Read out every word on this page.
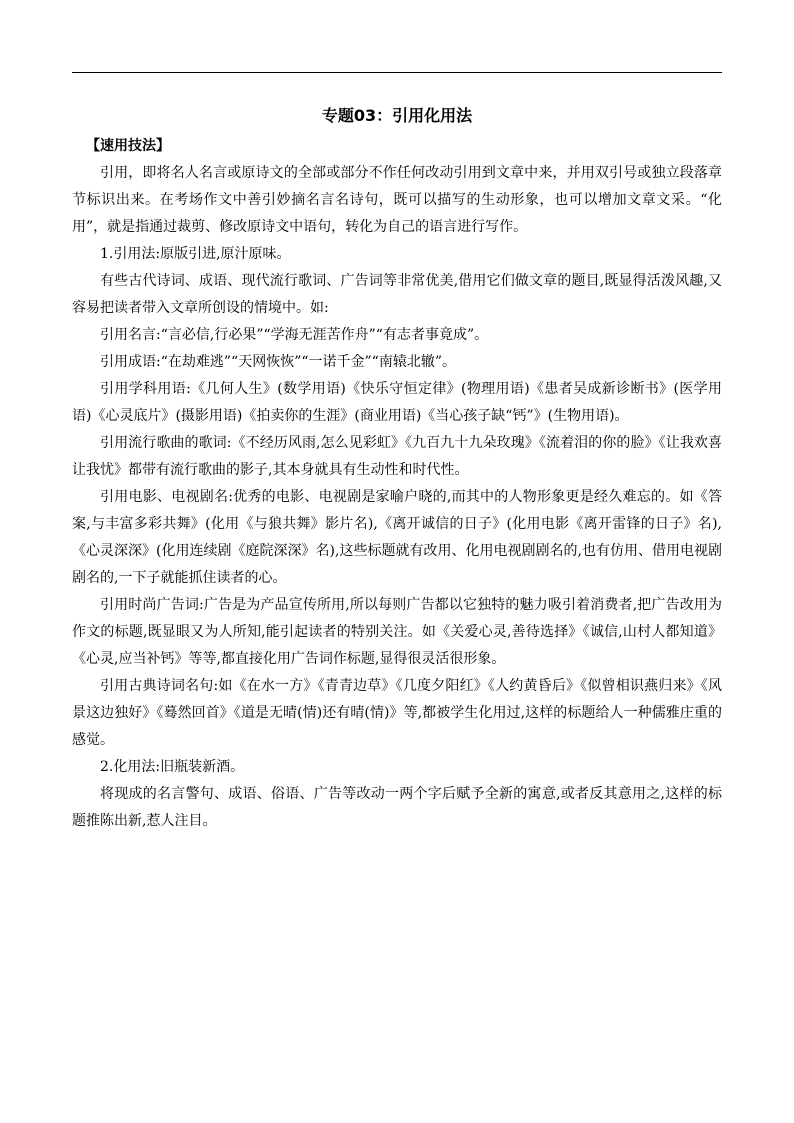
专题03：引用化用法
【速用技法】

引用，即将名人名言或原诗文的全部或部分不作任何改动引用到文章中来，并用双引号或独立段落章节标识出来。在考场作文中善引妙摘名言名诗句，既可以描写的生动形象，也可以增加文章文采。“化用”，就是指通过裁剪、修改原诗文中语句，转化为自己的语言进行写作。

1.引用法:原版引进,原汁原味。

有些古代诗词、成语、现代流行歌词、广告词等非常优美,借用它们做文章的题目,既显得活泼风趣,又容易把读者带入文章所创设的情境中。如:

引用名言:“言必信,行必果”“学海无涯苦作舟”“有志者事竟成”。

引用成语:“在劫难逃”“天网恢恢”“一诺千金”“南辕北辙”。

引用学科用语:《几何人生》(数学用语)《快乐守恒定律》(物理用语)《患者吴成新诊断书》(医学用语)《心灵底片》(摄影用语)《拍卖你的生涯》(商业用语)《当心孩子缺“钙”》(生物用语)。

引用流行歌曲的歌词:《不经历风雨,怎么见彩虹》《九百九十九朵玫瑰》《流着泪的你的脸》《让我欢喜让我忧》都带有流行歌曲的影子,其本身就具有生动性和时代性。

引用电影、电视剧名:优秀的电影、电视剧是家喻户晓的,而其中的人物形象更是经久难忘的。如《答案,与丰富多彩共舞》(化用《与狼共舞》影片名),《离开诚信的日子》(化用电影《离开雷锋的日子》名),《心灵深深》(化用连续剧《庭院深深》名),这些标题就有改用、化用电视剧剧名的,也有仿用、借用电视剧剧名的,一下子就能抓住读者的心。

引用时尚广告词:广告是为产品宣传所用,所以每则广告都以它独特的魅力吸引着消费者,把广告改用为作文的标题,既显眼又为人所知,能引起读者的特别关注。如《关爱心灵,善待选择》《诚信,山村人都知道》《心灵,应当补钙》等等,都直接化用广告词作标题,显得很灵活很形象。

引用古典诗词名句:如《在水一方》《青青边草》《几度夕阳红》《人约黄昏后》《似曾相识燕归来》《风景这边独好》《蓦然回首》《道是无晴(情)还有晴(情)》等,都被学生化用过,这样的标题给人一种儒雅庄重的感觉。

2.化用法:旧瓶装新酒。

将现成的名言警句、成语、俗语、广告等改动一两个字后赋予全新的寓意,或者反其意用之,这样的标题推陈出新,惹人注目。
